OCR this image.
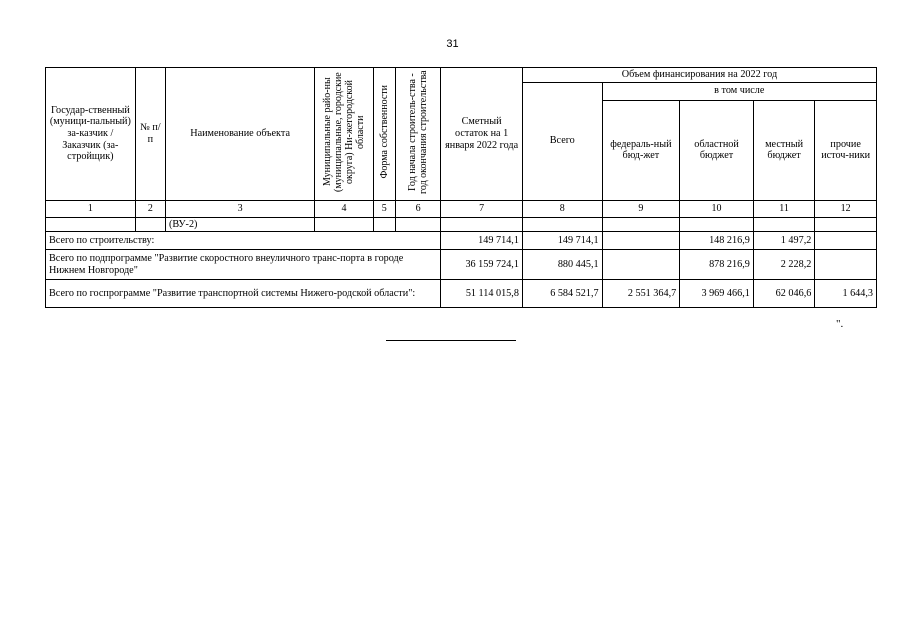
31
Государ-ственный (муници-пальный) за-казчик / Заказчик (за-стройщик)	№ п/п	Наименование объекта	Муниципальные райо-ны (муниципальные, городские округа) Ни-жегородской области	Форма собственности	Год начала строитель-ства - год окончания строительства	Сметный остаток на 1 января 2022 года	Объем финансирования на 2022 год				
							Всего	в том числе			
								федераль-ный бюд-жет	областной бюджет	местный бюджет	прочие источ-ники
1	2	3	4	5	6	7	8	9	10	11	12
		(ВУ-2)									
Всего по строительству:						149 714,1	149 714,1		148 216,9	1 497,2	
Всего по подпрограмме "Развитие скоростного внеуличного транс-порта в городе Нижнем Новгороде"						36 159 724,1	880 445,1		878 216,9	2 228,2	
Всего по госпрограмме "Развитие транспортной системы Нижего-родской области":						51 114 015,8	6 584 521,7	2 551 364,7	3 969 466,1	62 046,6	1 644,3
".
